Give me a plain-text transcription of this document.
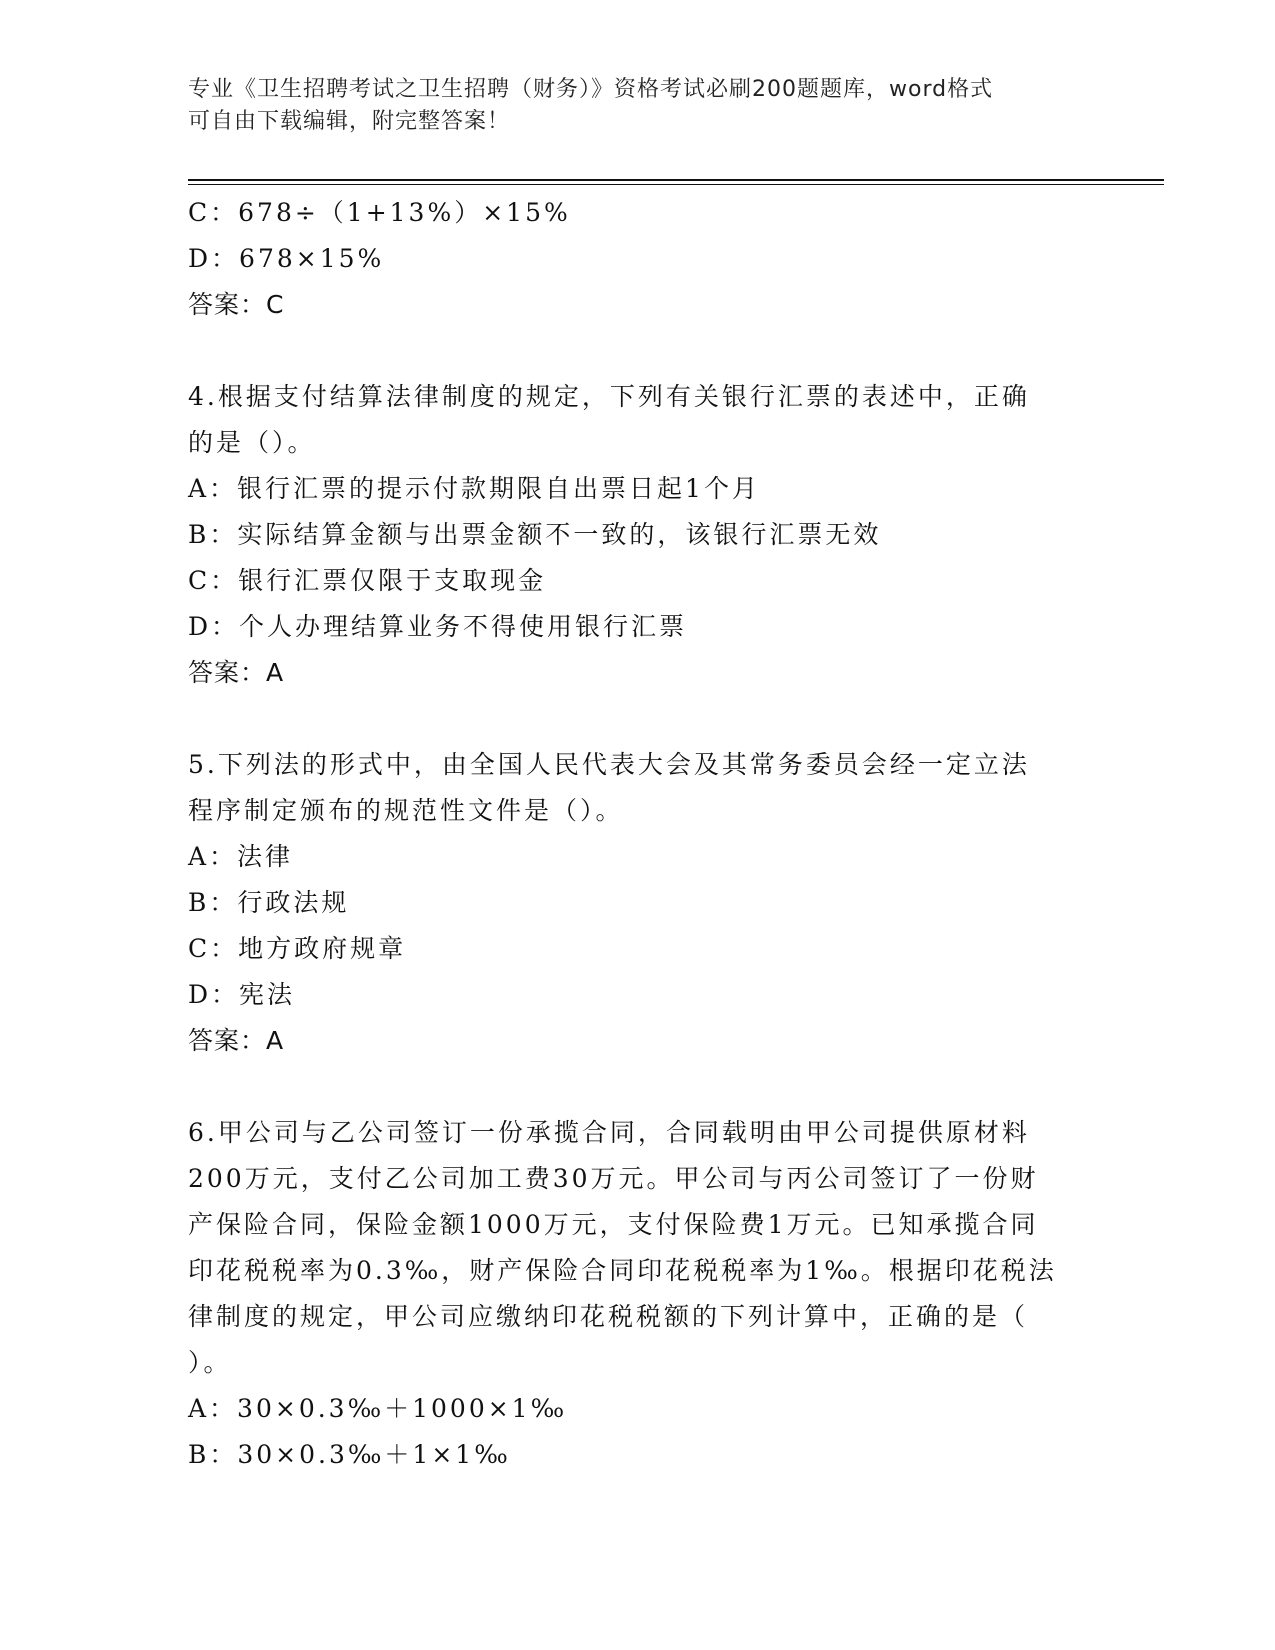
专业《卫生招聘考试之卫生招聘（财务）》资格考试必刷200题题库，word格式
可自由下载编辑，附完整答案！
C：678÷（1+13%）×15%
D：678×15%
答案：C
4.根据支付结算法律制度的规定，下列有关银行汇票的表述中，正确
的是（）。
A：银行汇票的提示付款期限自出票日起1个月
B：实际结算金额与出票金额不一致的，该银行汇票无效
C：银行汇票仅限于支取现金
D：个人办理结算业务不得使用银行汇票
答案：A
5.下列法的形式中，由全国人民代表大会及其常务委员会经一定立法
程序制定颁布的规范性文件是（）。
A：法律
B：行政法规
C：地方政府规章
D：宪法
答案：A
6.甲公司与乙公司签订一份承揽合同，合同载明由甲公司提供原材料
200万元，支付乙公司加工费30万元。甲公司与丙公司签订了一份财
产保险合同，保险金额1000万元，支付保险费1万元。已知承揽合同
印花税税率为0.3‰，财产保险合同印花税税率为1‰。根据印花税法
律制度的规定，甲公司应缴纳印花税税额的下列计算中，正确的是（
）。
A：30×0.3‰＋1000×1‰
B：30×0.3‰＋1×1‰
